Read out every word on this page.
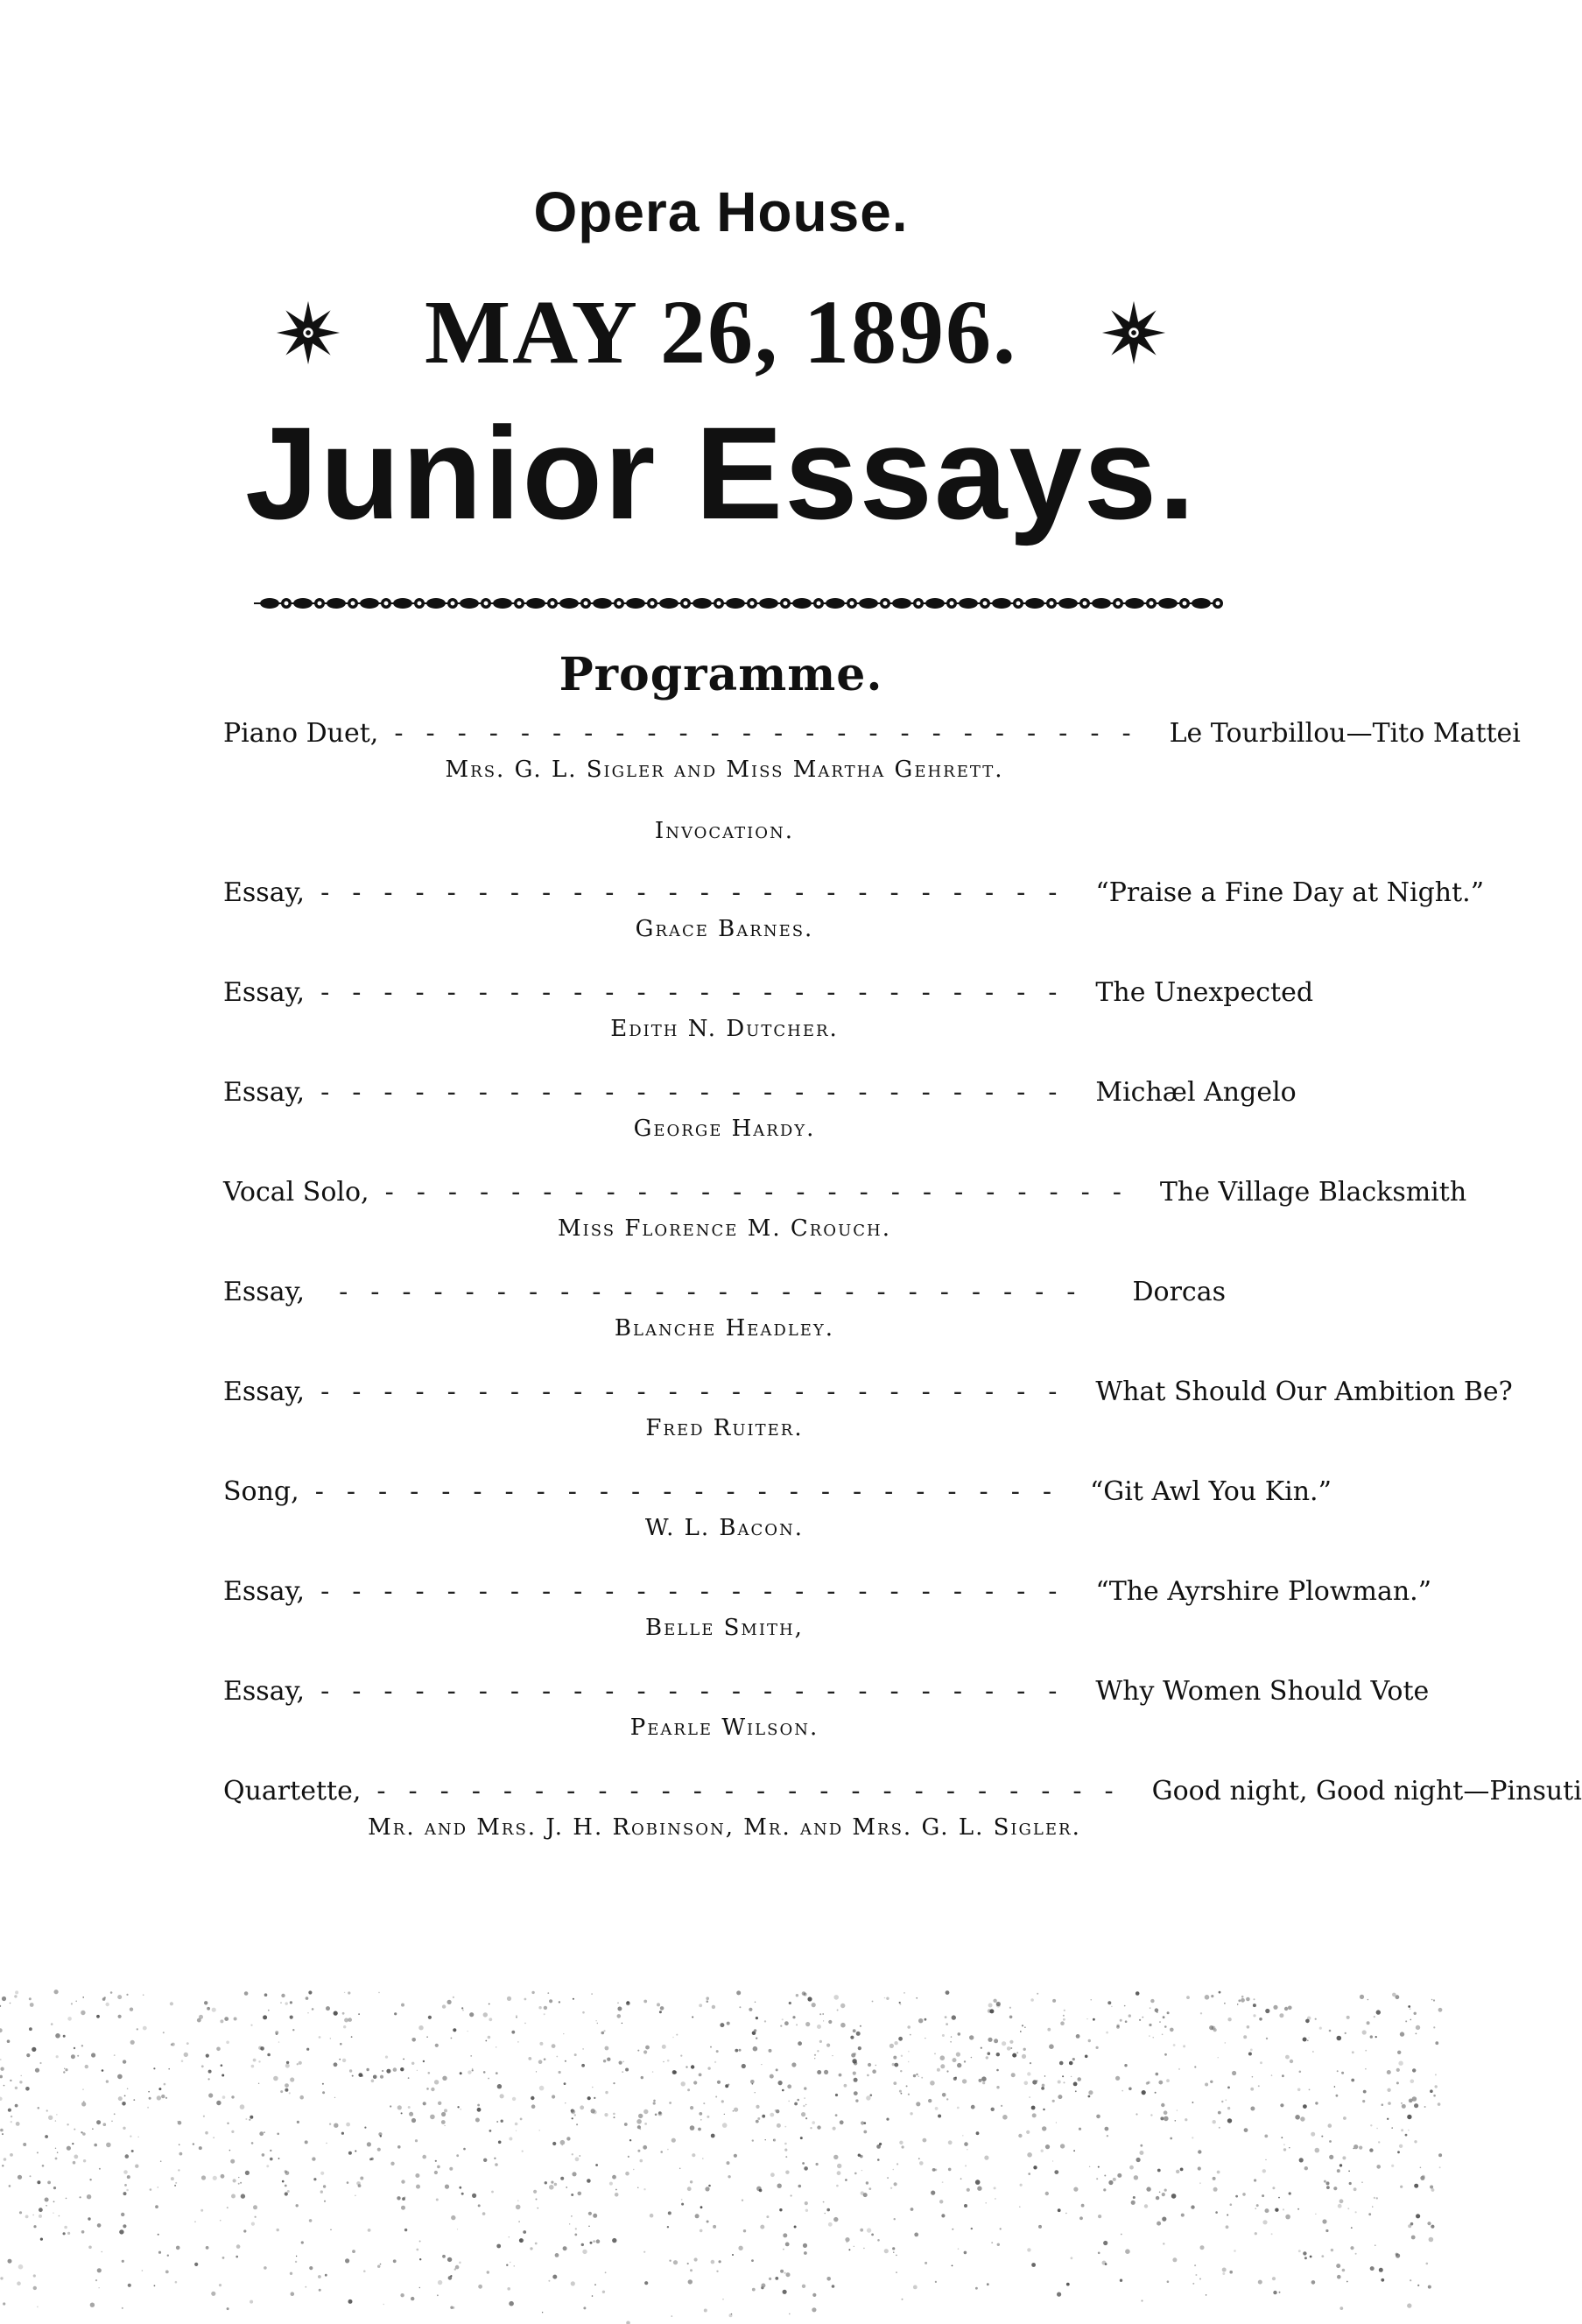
Opera House.
MAY 26, 1896.
Junior Essays.
Programme.
Piano Duet, ------------------------ Le Tourbillou—Tito Mattei
Mrs. G. L. Sigler and Miss Martha Gehrett.
Invocation.
Essay, ------------------------ “Praise a Fine Day at Night.”
Grace Barnes.
Essay, ------------------------ The Unexpected
Edith N. Dutcher.
Essay, ------------------------ Michæl Angelo
George Hardy.
Vocal Solo, ------------------------ The Village Blacksmith
Miss Florence M. Crouch.
Essay,	------------------------	Dorcas
Blanche Headley.
Essay, ------------------------ What Should Our Ambition Be?
Fred Ruiter.
Song, ------------------------ “Git Awl You Kin.”
W. L. Bacon.
Essay, ------------------------ “The Ayrshire Plowman.”
Belle Smith,
Essay, ------------------------ Why Women Should Vote
Pearle Wilson.
Quartette, ------------------------ Good night, Good night—Pinsuti
Mr. and Mrs. J. H. Robinson, Mr. and Mrs. G. L. Sigler.
